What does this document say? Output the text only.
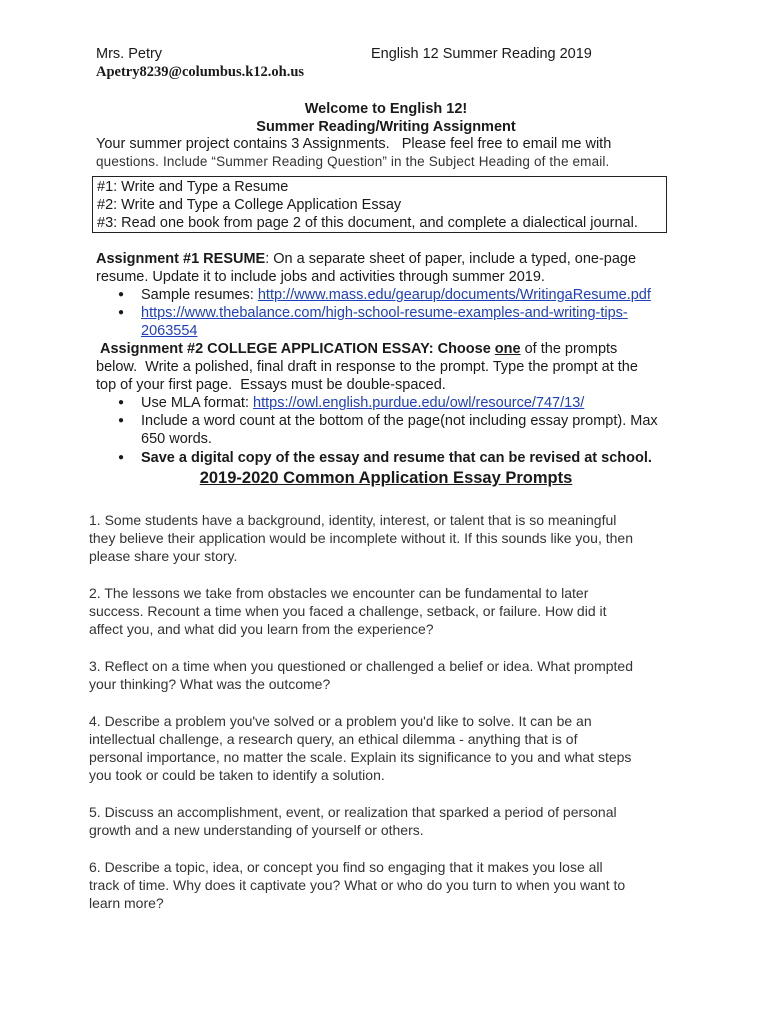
Mrs. Petry
Apetry8239@columbus.k12.oh.us
English 12 Summer Reading 2019
Welcome to English 12!
Summer Reading/Writing Assignment
Your summer project contains 3 Assignments.   Please feel free to email me with
questions. Include “Summer Reading Question” in the Subject Heading of the email.
#1: Write and Type a Resume
#2: Write and Type a College Application Essay
#3: Read one book from page 2 of this document, and complete a dialectical journal.
Assignment #1 RESUME: On a separate sheet of paper, include a typed, one-page
resume. Update it to include jobs and activities through summer 2019.
● Sample resumes: http://www.mass.edu/gearup/documents/WritingaResume.pdf
● https://www.thebalance.com/high-school-resume-examples-and-writing-tips-
2063554
Assignment #2 COLLEGE APPLICATION ESSAY: Choose one of the prompts
below.  Write a polished, final draft in response to the prompt. Type the prompt at the
top of your first page.  Essays must be double-spaced.
● Use MLA format: https://owl.english.purdue.edu/owl/resource/747/13/
● Include a word count at the bottom of the page(not including essay prompt). Max
650 words.
● Save a digital copy of the essay and resume that can be revised at school.
2019-2020 Common Application Essay Prompts
1. Some students have a background, identity, interest, or talent that is so meaningful
they believe their application would be incomplete without it. If this sounds like you, then
please share your story.
2. The lessons we take from obstacles we encounter can be fundamental to later
success. Recount a time when you faced a challenge, setback, or failure. How did it
affect you, and what did you learn from the experience?
3. Reflect on a time when you questioned or challenged a belief or idea. What prompted
your thinking? What was the outcome?
4. Describe a problem you've solved or a problem you'd like to solve. It can be an
intellectual challenge, a research query, an ethical dilemma - anything that is of
personal importance, no matter the scale. Explain its significance to you and what steps
you took or could be taken to identify a solution.
5. Discuss an accomplishment, event, or realization that sparked a period of personal
growth and a new understanding of yourself or others.
6. Describe a topic, idea, or concept you find so engaging that it makes you lose all
track of time. Why does it captivate you? What or who do you turn to when you want to
learn more?
